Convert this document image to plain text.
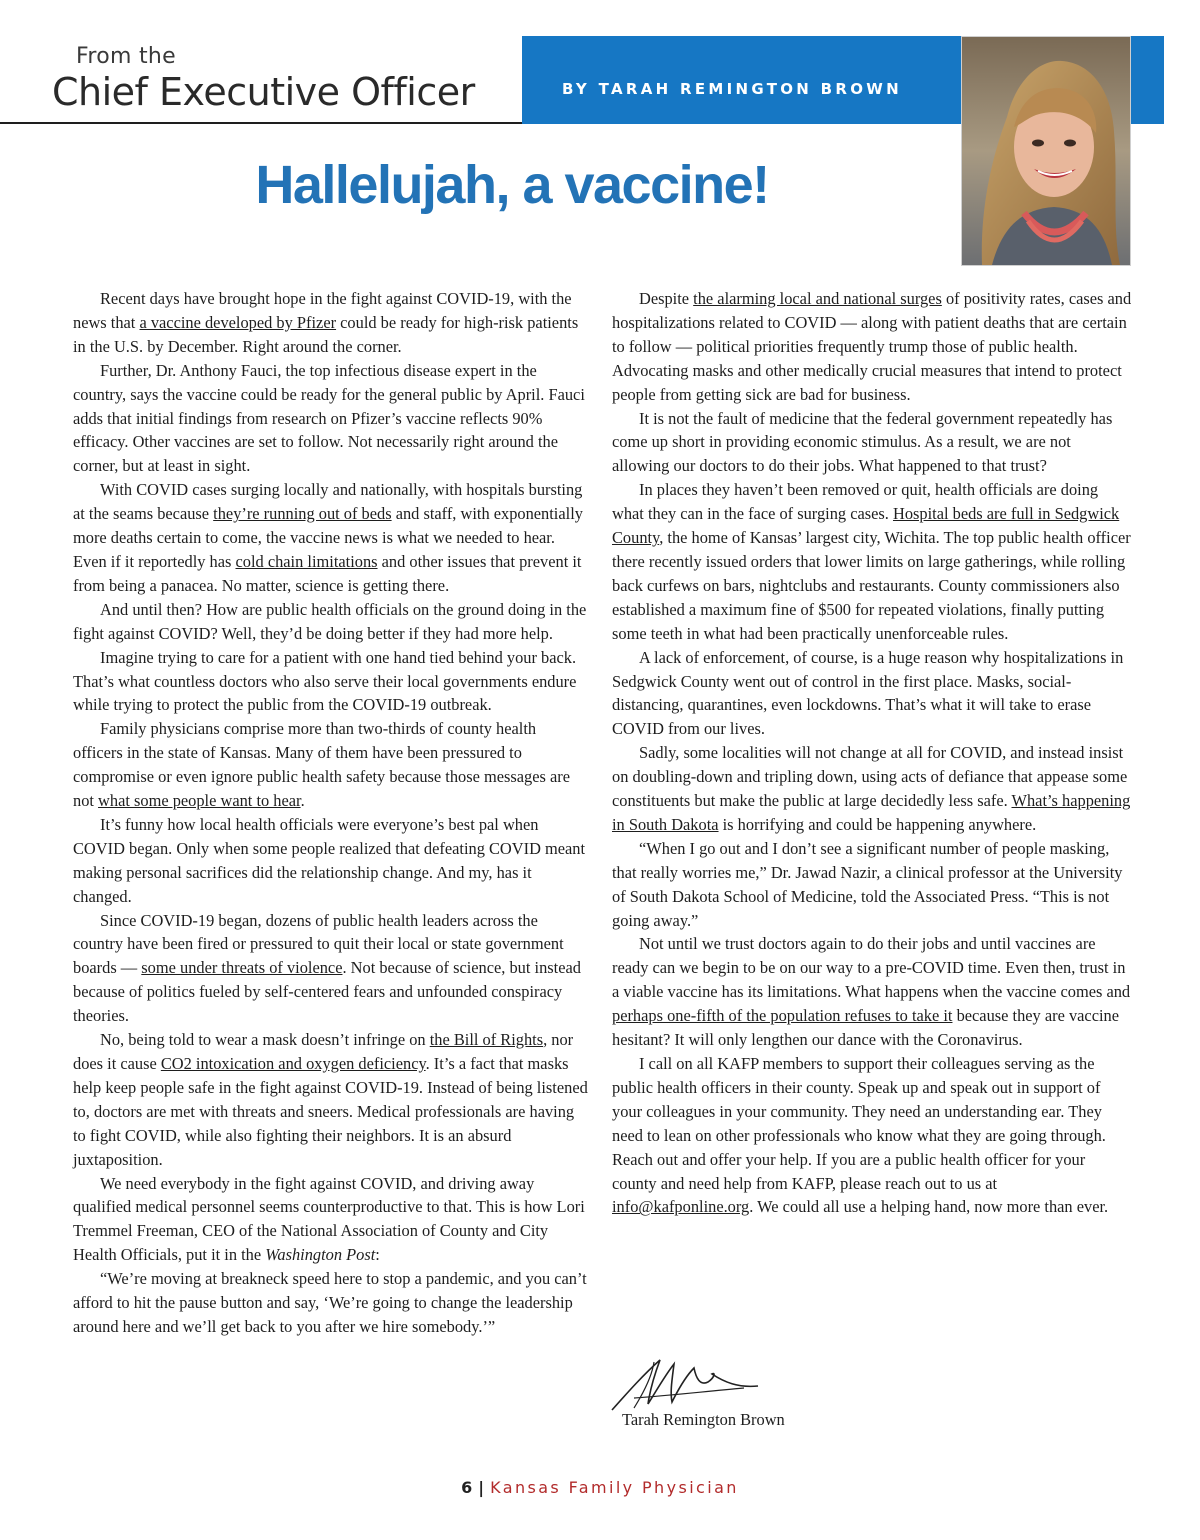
From the
Chief Executive Officer	BY TARAH REMINGTON BROWN
Hallelujah, a vaccine!

Recent days have brought hope in the fight against COVID-19, with the news that a vaccine developed by Pfizer could be ready for high-risk patients in the U.S. by December. Right around the corner.

Further, Dr. Anthony Fauci, the top infectious disease expert in the country, says the vaccine could be ready for the general public by April. Fauci adds that initial findings from research on Pfizer’s vaccine reflects 90% efficacy. Other vaccines are set to follow. Not necessarily right around the corner, but at least in sight.

With COVID cases surging locally and nationally, with hospitals bursting at the seams because they’re running out of beds and staff, with exponentially more deaths certain to come, the vaccine news is what we needed to hear. Even if it reportedly has cold chain limitations and other issues that prevent it from being a panacea. No matter, science is getting there.

And until then? How are public health officials on the ground doing in the fight against COVID? Well, they’d be doing better if they had more help.

Imagine trying to care for a patient with one hand tied behind your back. That’s what countless doctors who also serve their local governments endure while trying to protect the public from the COVID-19 outbreak.

Family physicians comprise more than two-thirds of county health officers in the state of Kansas. Many of them have been pressured to compromise or even ignore public health safety because those messages are not what some people want to hear.

It’s funny how local health officials were everyone’s best pal when COVID began. Only when some people realized that defeating COVID meant making personal sacrifices did the relationship change. And my, has it changed.

Since COVID-19 began, dozens of public health leaders across the country have been fired or pressured to quit their local or state government boards — some under threats of violence. Not because of science, but instead because of politics fueled by self-centered fears and unfounded conspiracy theories.

No, being told to wear a mask doesn’t infringe on the Bill of Rights, nor does it cause CO2 intoxication and oxygen deficiency. It’s a fact that masks help keep people safe in the fight against COVID-19. Instead of being listened to, doctors are met with threats and sneers. Medical professionals are having to fight COVID, while also fighting their neighbors. It is an absurd juxtaposition.

We need everybody in the fight against COVID, and driving away qualified medical personnel seems counterproductive to that. This is how Lori Tremmel Freeman, CEO of the National Association of County and City Health Officials, put it in the Washington Post:

“We’re moving at breakneck speed here to stop a pandemic, and you can’t afford to hit the pause button and say, ‘We’re going to change the leadership around here and we’ll get back to you after we hire somebody.’”

Despite the alarming local and national surges of positivity rates, cases and hospitalizations related to COVID — along with patient deaths that are certain to follow — political priorities frequently trump those of public health. Advocating masks and other medically crucial measures that intend to protect people from getting sick are bad for business.

It is not the fault of medicine that the federal government repeatedly has come up short in providing economic stimulus. As a result, we are not allowing our doctors to do their jobs. What happened to that trust?

In places they haven’t been removed or quit, health officials are doing what they can in the face of surging cases. Hospital beds are full in Sedgwick County, the home of Kansas’ largest city, Wichita. The top public health officer there recently issued orders that lower limits on large gatherings, while rolling back curfews on bars, nightclubs and restaurants. County commissioners also established a maximum fine of $500 for repeated violations, finally putting some teeth in what had been practically unenforceable rules.

A lack of enforcement, of course, is a huge reason why hospitalizations in Sedgwick County went out of control in the first place. Masks, social-distancing, quarantines, even lockdowns. That’s what it will take to erase COVID from our lives.

Sadly, some localities will not change at all for COVID, and instead insist on doubling-down and tripling down, using acts of defiance that appease some constituents but make the public at large decidedly less safe. What’s happening in South Dakota is horrifying and could be happening anywhere.

“When I go out and I don’t see a significant number of people masking, that really worries me,” Dr. Jawad Nazir, a clinical professor at the University of South Dakota School of Medicine, told the Associated Press. “This is not going away.”

Not until we trust doctors again to do their jobs and until vaccines are ready can we begin to be on our way to a pre-COVID time. Even then, trust in a viable vaccine has its limitations. What happens when the vaccine comes and perhaps one-fifth of the population refuses to take it because they are vaccine hesitant? It will only lengthen our dance with the Coronavirus.

I call on all KAFP members to support their colleagues serving as the public health officers in their county. Speak up and speak out in support of your colleagues in your community. They need an understanding ear. They need to lean on other professionals who know what they are going through. Reach out and offer your help. If you are a public health officer for your county and need help from KAFP, please reach out to us at info@kafponline.org. We could all use a helping hand, now more than ever.

Tarah Remington Brown
6 | Kansas Family Physician
